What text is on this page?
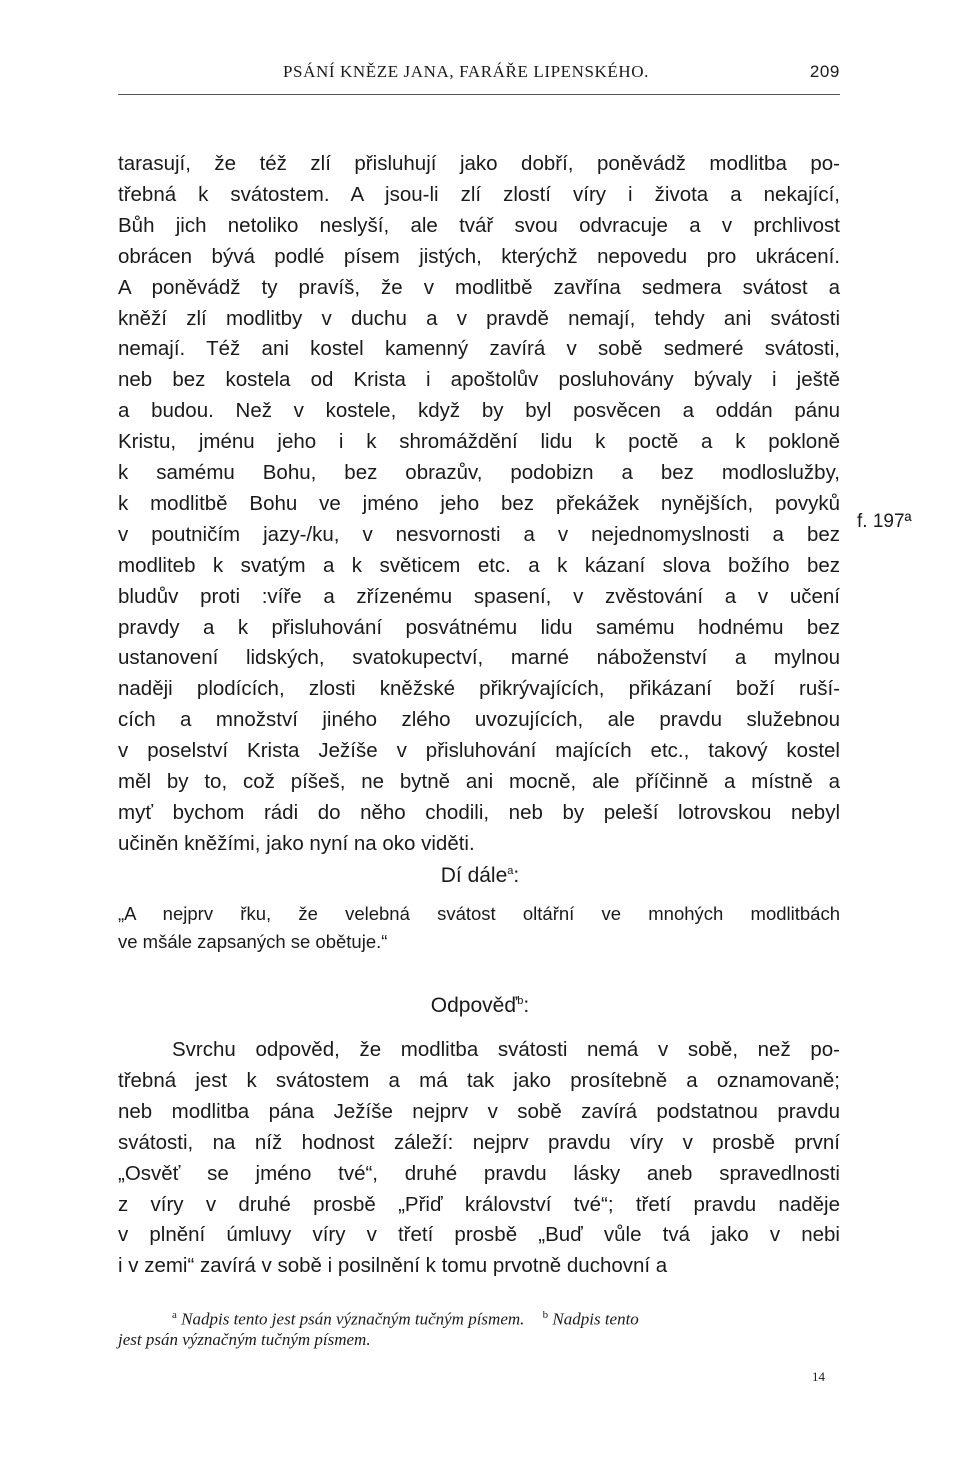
PSÁNÍ KNĚZE JANA, FARÁŘE LIPENSKÉHO.	209
tarasují, že též zlí přisluhují jako dobří, poněvádž modlitba po-
třebná k svátostem. A jsou-li zlí zlostí víry i života a nekající,
Bůh jich netoliko neslyší, ale tvář svou odvracuje a v prchlivost
obrácen bývá podlé písem jistých, kterýchž nepovedu pro ukrácení.
A poněvádž ty pravíš, že v modlitbě zavřína sedmera svátost a
kněží zlí modlitby v duchu a v pravdě nemají, tehdy ani svátosti
nemají. Též ani kostel kamenný zavírá v sobě sedmeré svátosti,
neb bez kostela od Krista i apoštolův posluhovány bývaly i ještě
a budou. Než v kostele, když by byl posvěcen a oddán pánu
Kristu, jménu jeho i k shromáždění lidu k poctě a k pokloně
k samému Bohu, bez obrazův, podobizn a bez modloslužby,
k modlitbě Bohu ve jméno jeho bez překážek nynějších, povyků
v poutničím jazy-/ku, v nesvornosti a v nejednomyslnosti a bez
modliteb k svatým a k světicem etc. a k kázaní slova božího bez
bludův proti :víře a zřízenému spasení, v zvěstování a v učení
pravdy a k přisluhování posvátnému lidu samému hodnému bez
ustanovení lidských, svatokupectví, marné náboženství a mylnou
naději plodících, zlosti kněžské přikrývajících, přikázaní boží ruší-
cích a množství jiného zlého uvozujících, ale pravdu služebnou
v poselství Krista Ježíše v přisluhování majících etc., takový kostel
měl by to, což píšeš, ne bytně ani mocně, ale příčinně a místně a
myť bychom rádi do něho chodili, neb by peleší lotrovskou nebyl
učiněn kněžími, jako nyní na oko viděti.
f. 197ª
Dí dále$^a$:
„A nejprv řku, že velebná svátost oltářní ve mnohých modlitbách
ve mšále zapsaných se obětuje.“
Odpověď$^b$:
Svrchu odpověd, že modlitba svátosti nemá v sobě, než po-
třebná jest k svátostem a má tak jako prosítebně a oznamovaně;
neb modlitba pána Ježíše nejprv v sobě zavírá podstatnou pravdu
svátosti, na níž hodnost záleží: nejprv pravdu víry v prosbě první
„Osvěť se jméno tvé“, druhé pravdu lásky aneb spravedlnosti
z víry v druhé prosbě „Přiď království tvé“; třetí pravdu naděje
v plnění úmluvy víry v třetí prosbě „Buď vůle tvá jako v nebi
i v zemi“ zavírá v sobě i posilnění k tomu prvotně duchovní a
$^a$ Nadpis tento jest psán význačným tučným písmem. $^b$ Nadpis tento
jest psán význačným tučným písmem.
14
